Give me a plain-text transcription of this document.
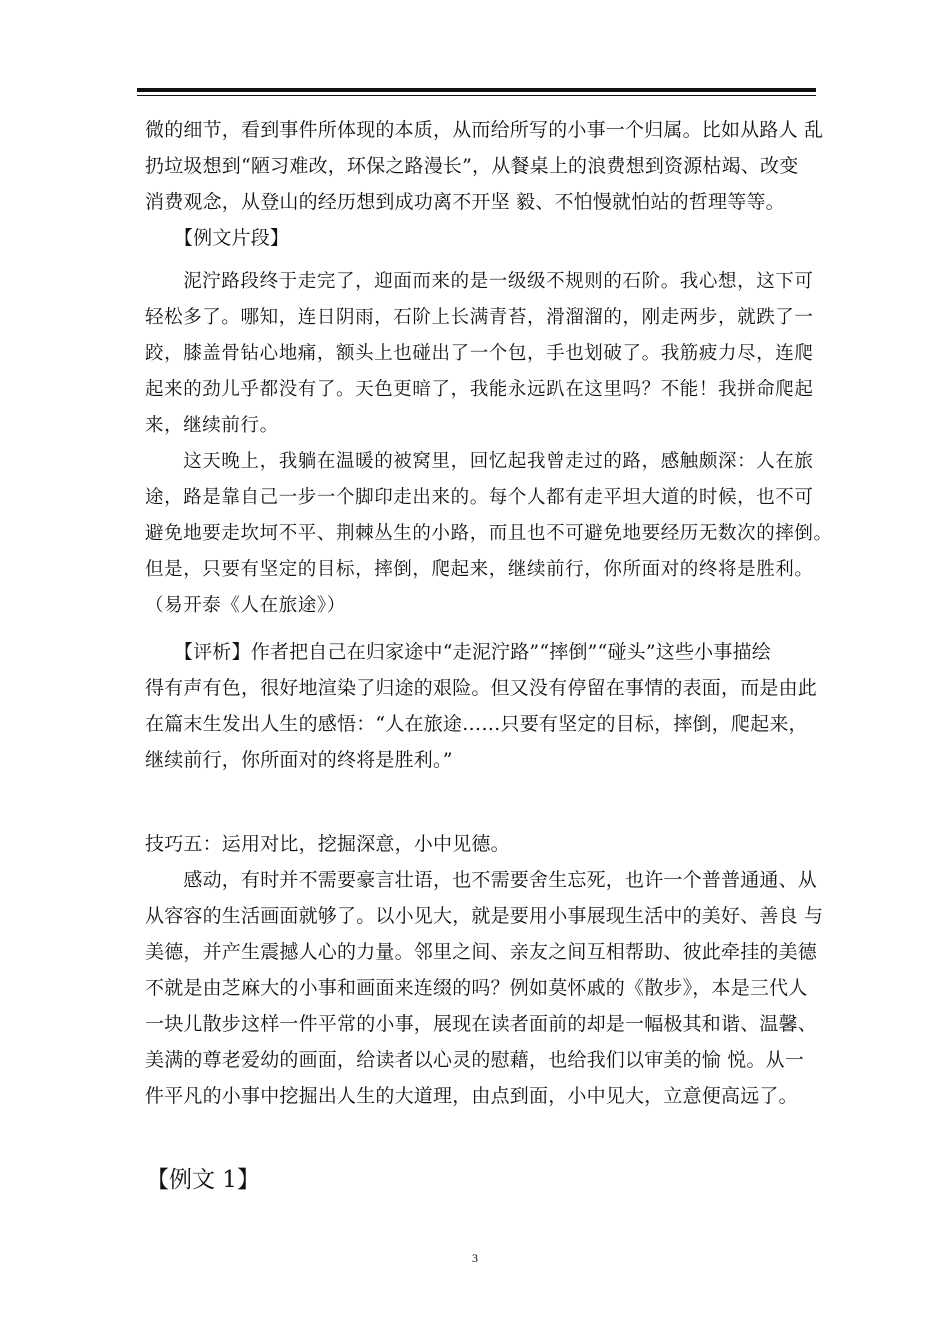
微的细节，看到事件所体现的本质，从而给所写的小事一个归属。比如从路人 乱
扔垃圾想到“陋习难改，环保之路漫长”，从餐桌上的浪费想到资源枯竭、改变
消费观念，从登山的经历想到成功离不开坚 毅、不怕慢就怕站的哲理等等。
　　【例文片段】
　　泥泞路段终于走完了，迎面而来的是一级级不规则的石阶。我心想，这下可
轻松多了。哪知，连日阴雨，石阶上长满青苔，滑溜溜的，刚走两步，就跌了一
跤，膝盖骨钻心地痛，额头上也碰出了一个包，手也划破了。我筋疲力尽，连爬
起来的劲儿乎都没有了。天色更暗了，我能永远趴在这里吗？不能！我拼命爬起
来，继续前行。
　　这天晚上，我躺在温暖的被窝里，回忆起我曾走过的路，感触颇深：人在旅
途，路是靠自己一步一个脚印走出来的。每个人都有走平坦大道的时候，也不可
避免地要走坎坷不平、荆棘丛生的小路，而且也不可避免地要经历无数次的摔倒。
但是，只要有坚定的目标，摔倒，爬起来，继续前行，你所面对的终将是胜利。
（易开泰《人在旅途》）
　　【评析】作者把自己在归家途中“走泥泞路”“摔倒”“碰头”这些小事描绘
得有声有色，很好地渲染了归途的艰险。但又没有停留在事情的表面，而是由此
在篇末生发出人生的感悟：“人在旅途……只要有坚定的目标，摔倒，爬起来，
继续前行，你所面对的终将是胜利。”
技巧五：运用对比，挖掘深意，小中见德。
　　感动，有时并不需要豪言壮语，也不需要舍生忘死，也许一个普普通通、从
从容容的生活画面就够了。以小见大，就是要用小事展现生活中的美好、善良 与
美德，并产生震撼人心的力量。邻里之间、亲友之间互相帮助、彼此牵挂的美德
不就是由芝麻大的小事和画面来连缀的吗？例如莫怀戚的《散步》，本是三代人
一块儿散步这样一件平常的小事，展现在读者面前的却是一幅极其和谐、温馨、
美满的尊老爱幼的画面，给读者以心灵的慰藉，也给我们以审美的愉 悦。从一
件平凡的小事中挖掘出人生的大道理，由点到面，小中见大，立意便高远了。
【例文 1】
3
